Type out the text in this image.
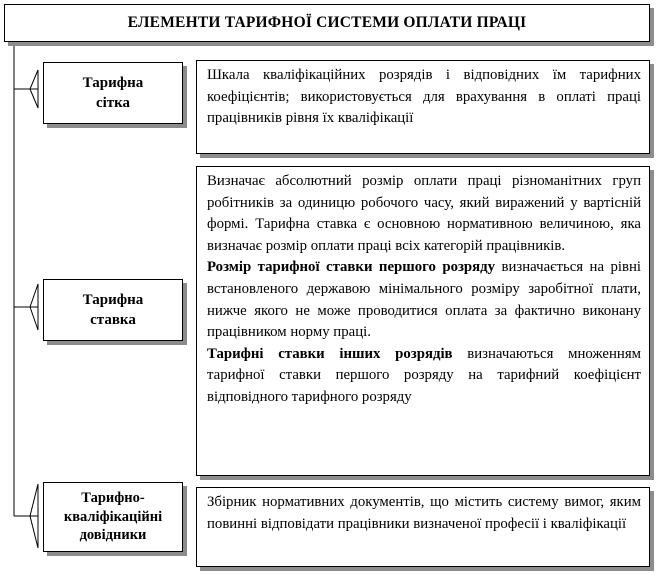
ЕЛЕМЕНТИ ТАРИФНОЇ СИСТЕМИ ОПЛАТИ ПРАЦІ
Тарифна
сітка

Шкала кваліфікаційних розрядів і відповідних їм тарифних коефіцієнтів; використовується для врахування в оплаті праці працівників рівня їх кваліфікації

Тарифна
ставка

Визначає абсолютний розмір оплати праці різноманітних груп робітників за одиницю робочого часу, який виражений у вартісній формі. Тарифна ставка є основною нормативною величиною, яка визначає розмір оплати праці всіх категорій працівників.

Розмір тарифної ставки першого розряду визначається на рівні встановленого державою мінімального розміру заробітної плати, нижче якого не може проводитися оплата за фактично виконану працівником норму праці.

Тарифні ставки інших розрядів визначаються множенням тарифної ставки першого розряду на тарифний коефіцієнт відповідного тарифного розряду

Тарифно-
кваліфікаційні
довідники

Збірник нормативних документів, що містить систему вимог, яким повинні відповідати працівники визначеної професії і кваліфікації
